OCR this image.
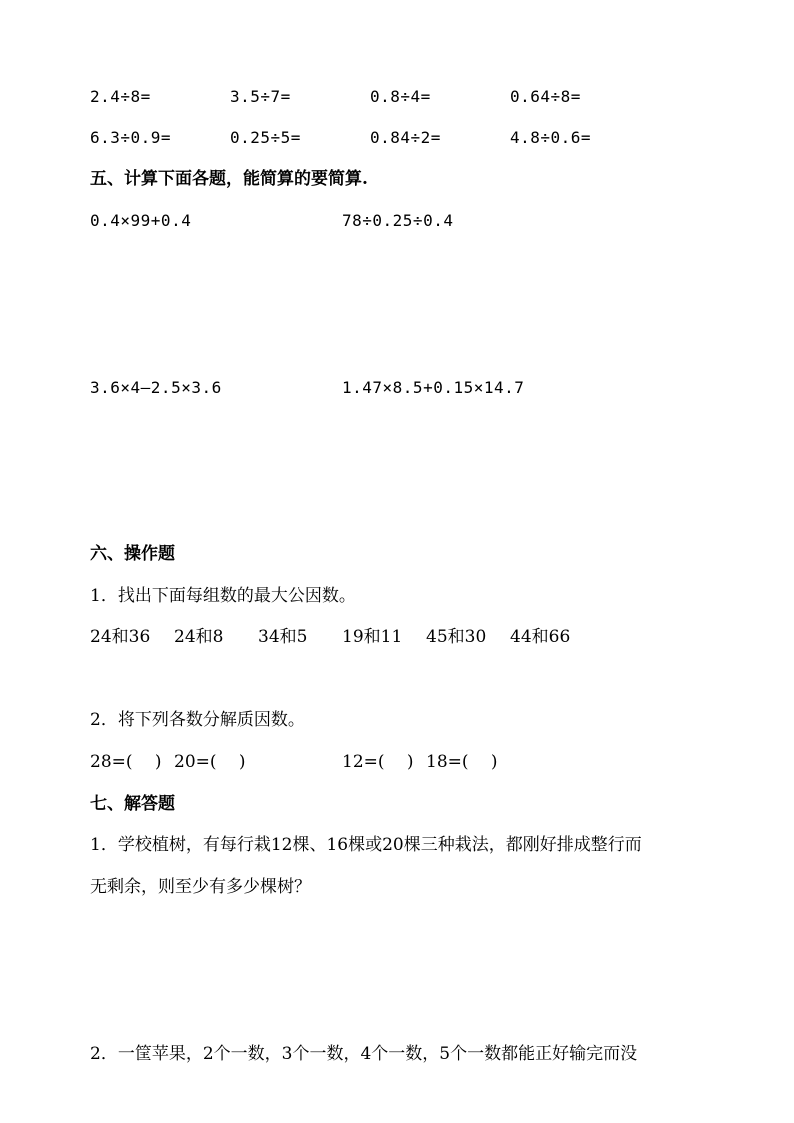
2.4÷8=	3.5÷7=	0.8÷4=	0.64÷8=
6.3÷0.9=	0.25÷5=	0.84÷2=	4.8÷0.6=
五、计算下面各题，能简算的要简算.
0.4×99+0.4	78÷0.25÷0.4
3.6×4—2.5×3.6	1.47×8.5+0.15×14.7
六、操作题
1．找出下面每组数的最大公因数。
24和36 24和8 34和5 19和11 45和30 44和66
2．将下列各数分解质因数。
28=(　 ) 20=(　 )	12=(　 ) 18=(　 )
七、解答题
1．学校植树，有每行栽12棵、16棵或20棵三种栽法，都刚好排成整行而
无剩余，则至少有多少棵树？
2．一筐苹果，2个一数，3个一数，4个一数，5个一数都能正好输完而没
